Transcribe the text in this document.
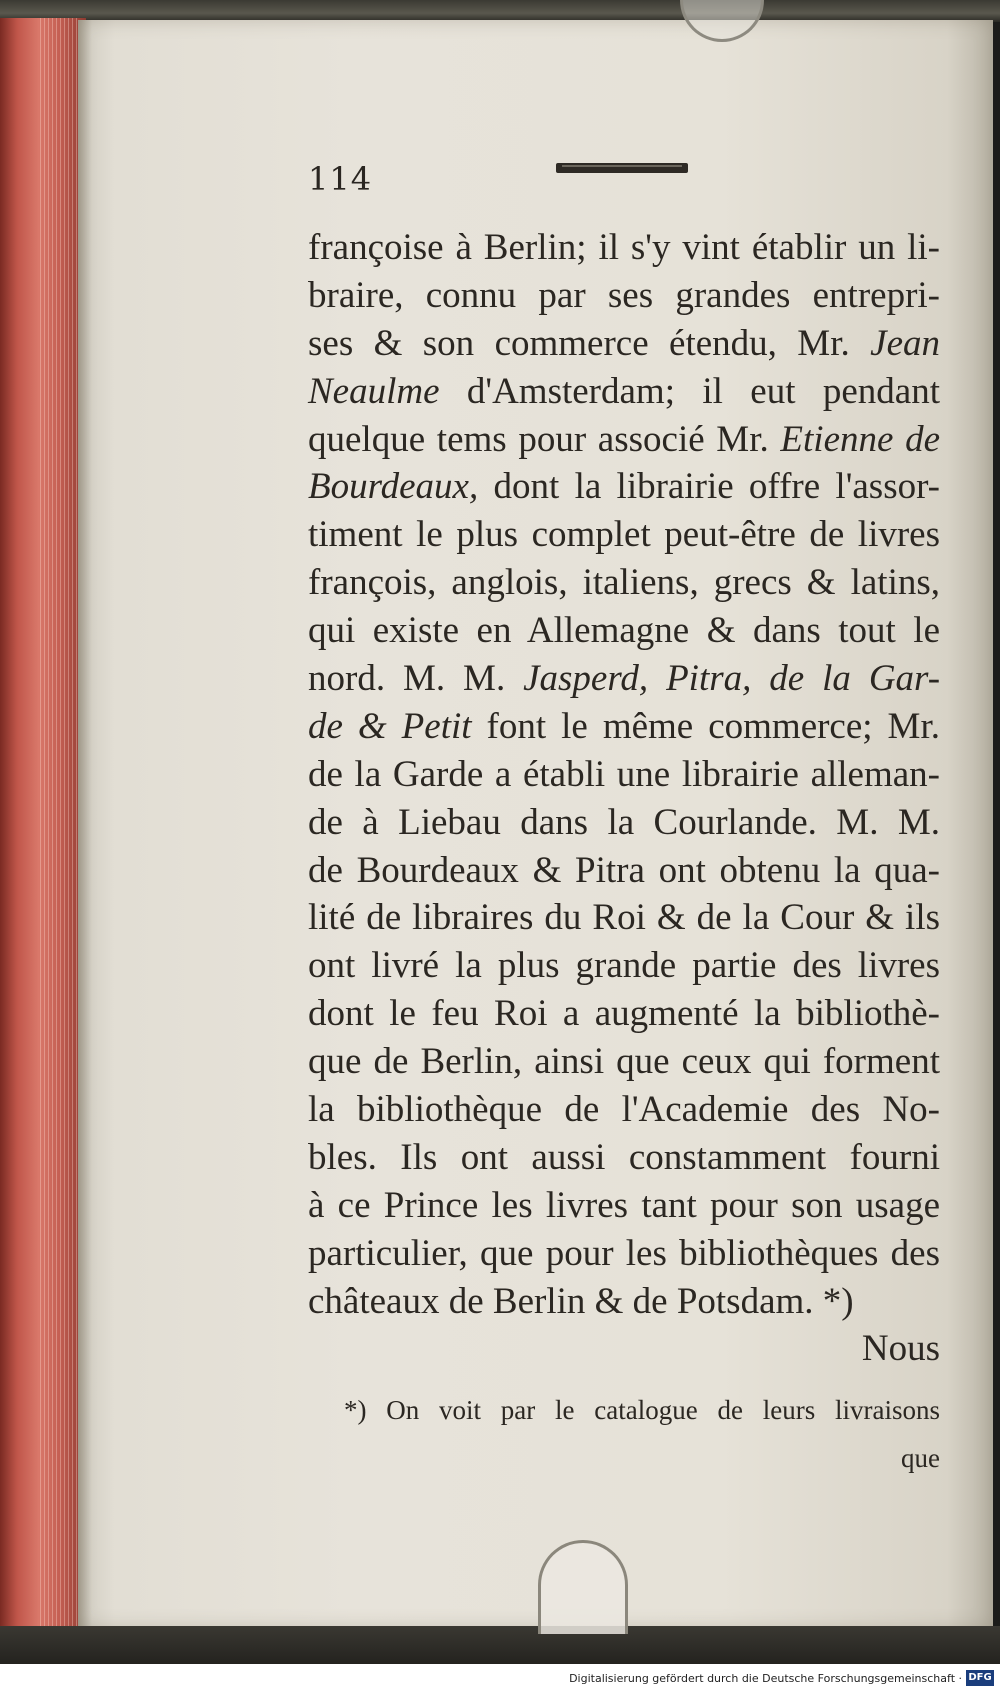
114
françoise à Berlin; il s'y vint établir un li-
braire, connu par ses grandes entrepri-
ses & son commerce étendu, Mr. Jean
Neaulme d'Amsterdam; il eut pendant
quelque tems pour associé Mr. Etienne de
Bourdeaux, dont la librairie offre l'assor-
timent le plus complet peut-être de livres
françois, anglois, italiens, grecs & latins,
qui existe en Allemagne & dans tout le
nord. M. M. Jasperd, Pitra, de la Gar-
de & Petit font le même commerce; Mr.
de la Garde a établi une librairie alleman-
de à Liebau dans la Courlande. M. M.
de Bourdeaux & Pitra ont obtenu la qua-
lité de libraires du Roi & de la Cour & ils
ont livré la plus grande partie des livres
dont le feu Roi a augmenté la bibliothè-
que de Berlin, ainsi que ceux qui forment
la bibliothèque de l'Academie des No-
bles. Ils ont aussi constamment fourni
à ce Prince les livres tant pour son usage
particulier, que pour les bibliothèques des
châteaux de Berlin & de Potsdam. *)
Nous
*) On voit par le catalogue de leurs livraisons
que
Digitalisierung gefördert durch die Deutsche Forschungsgemeinschaft · DFG
